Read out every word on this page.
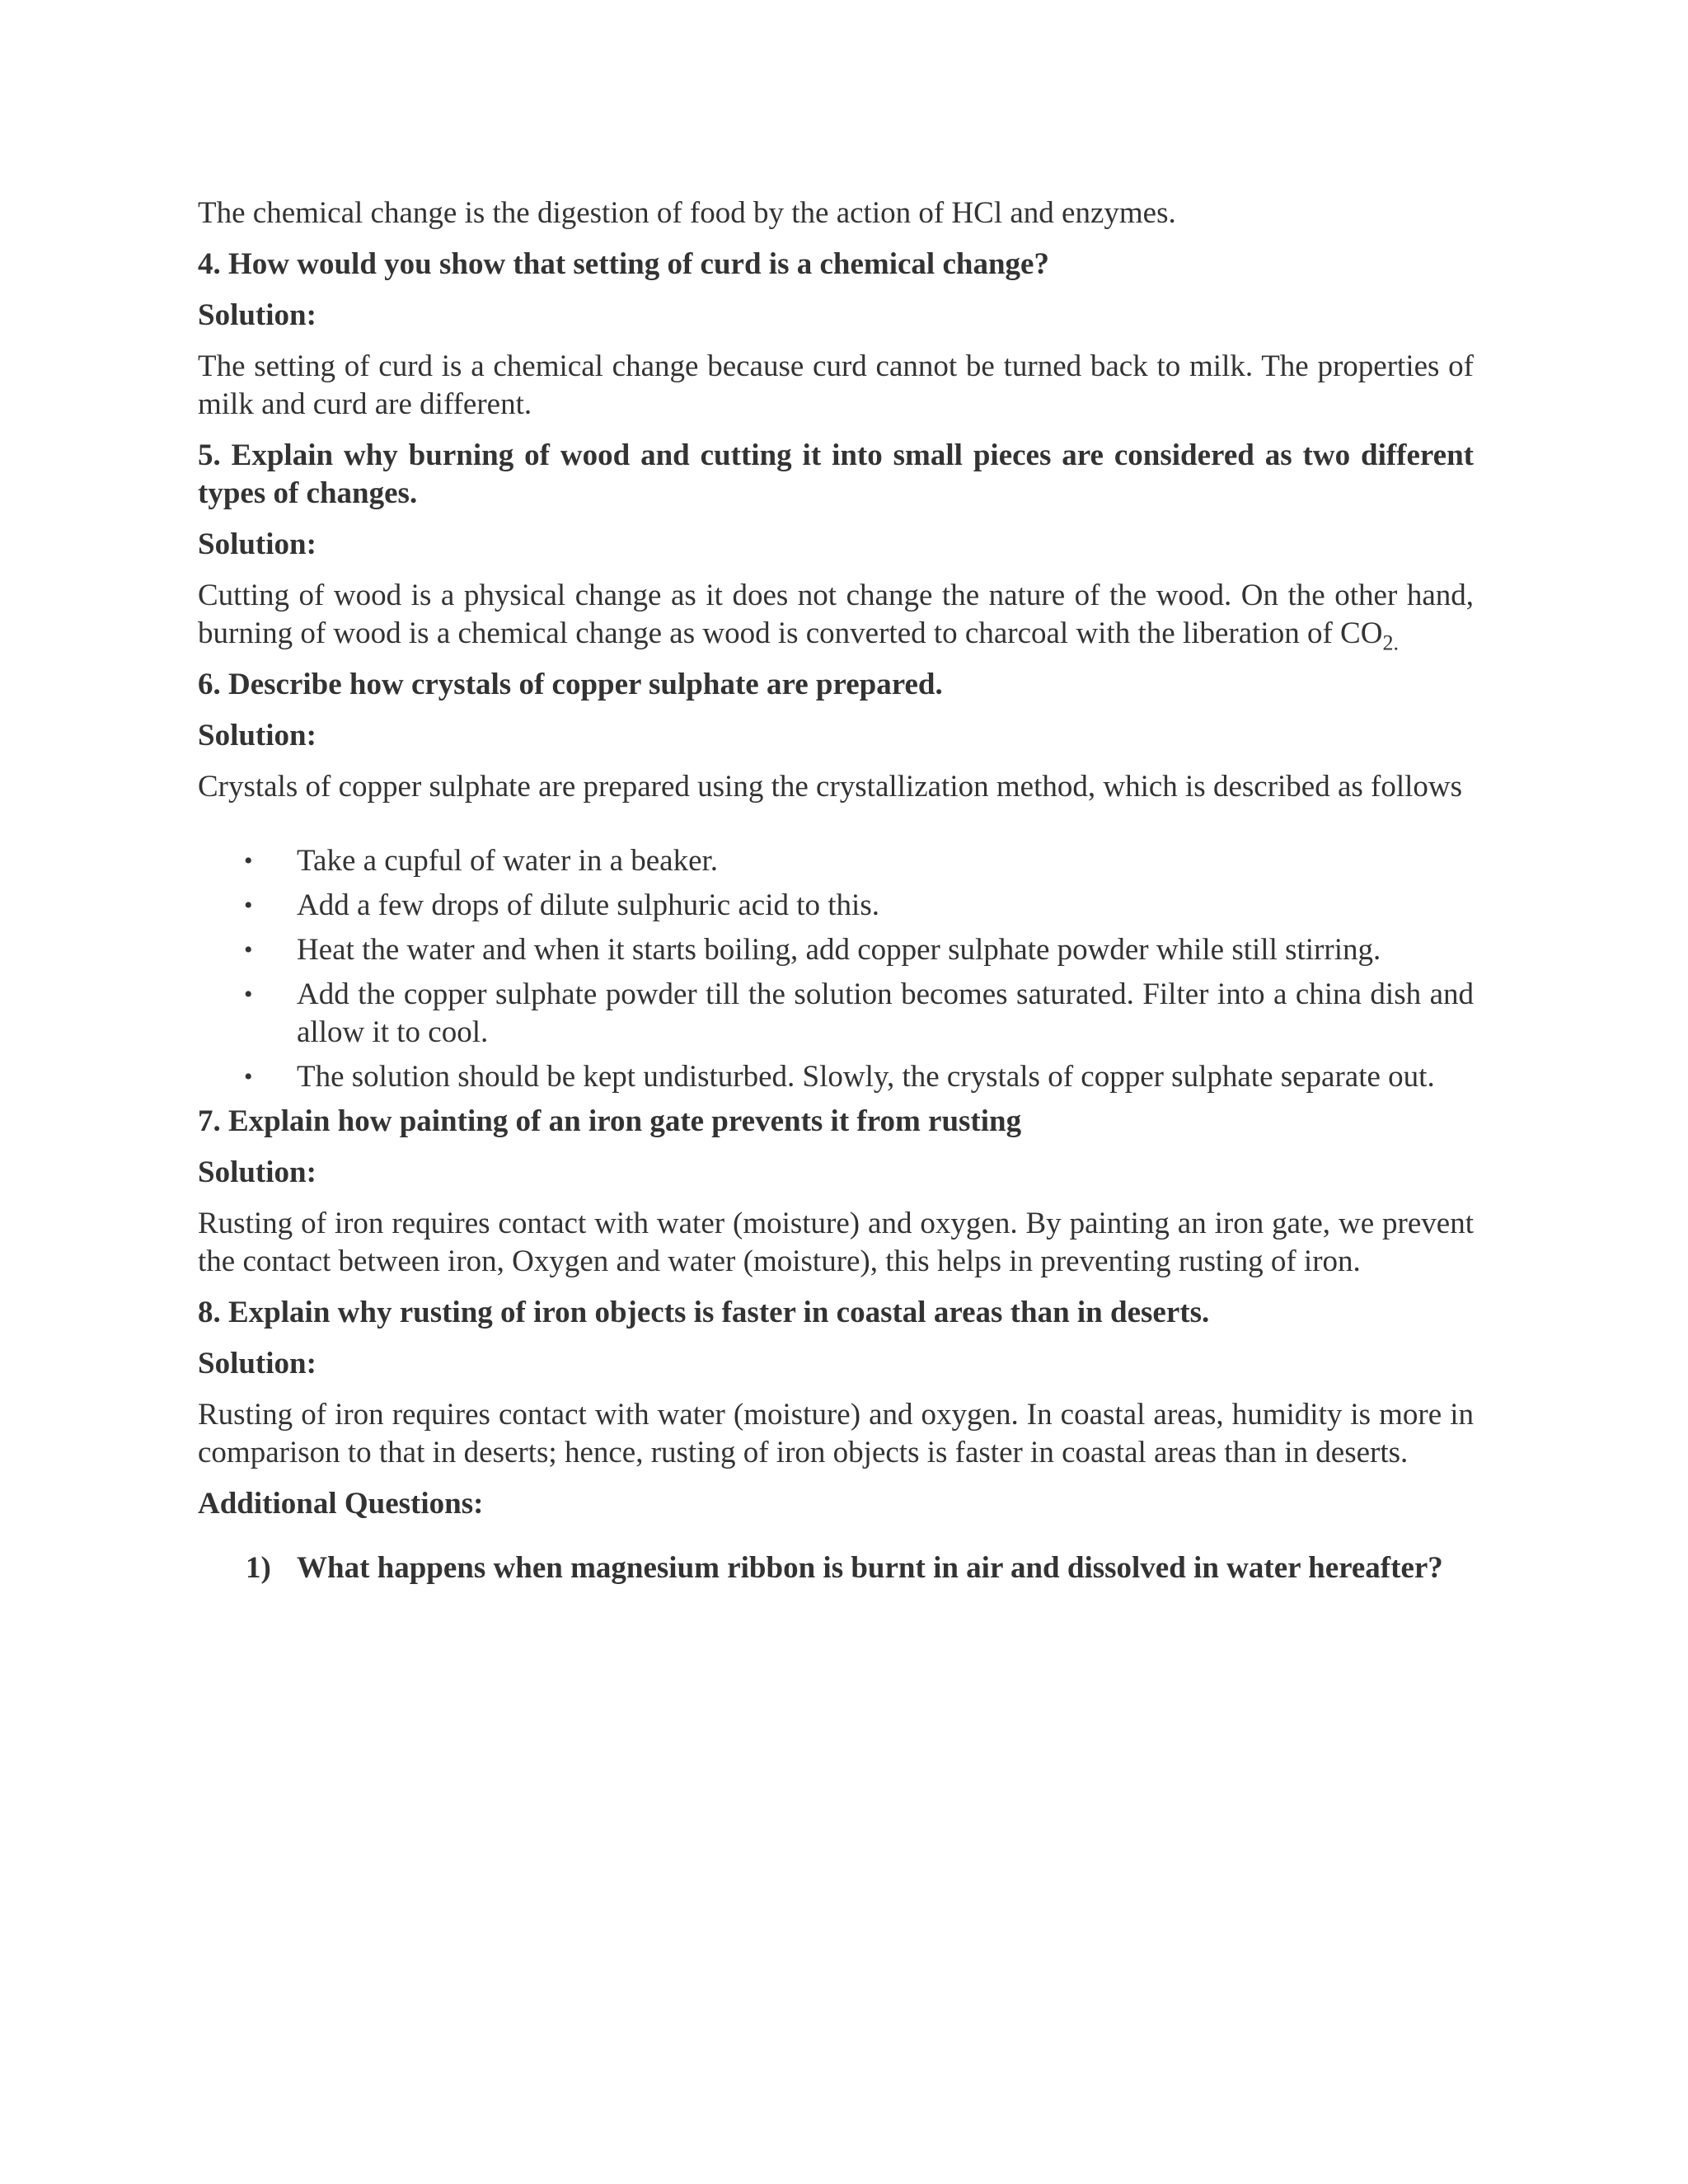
The chemical change is the digestion of food by the action of HCl and enzymes.

4. How would you show that setting of curd is a chemical change?

Solution:

The setting of curd is a chemical change because curd cannot be turned back to milk. The properties of milk and curd are different.

5. Explain why burning of wood and cutting it into small pieces are considered as two different types of changes.

Solution:

Cutting of wood is a physical change as it does not change the nature of the wood. On the other hand, burning of wood is a chemical change as wood is converted to charcoal with the liberation of $CO_{2.}$

6. Describe how crystals of copper sulphate are prepared.

Solution:

Crystals of copper sulphate are prepared using the crystallization method, which is described as follows

• Take a cupful of water in a beaker.
• Add a few drops of dilute sulphuric acid to this.
• Heat the water and when it starts boiling, add copper sulphate powder while still stirring.
• Add the copper sulphate powder till the solution becomes saturated. Filter into a china dish and allow it to cool.
• The solution should be kept undisturbed. Slowly, the crystals of copper sulphate separate out.

7. Explain how painting of an iron gate prevents it from rusting

Solution:

Rusting of iron requires contact with water (moisture) and oxygen. By painting an iron gate, we prevent the contact between iron, Oxygen and water (moisture), this helps in preventing rusting of iron.

8. Explain why rusting of iron objects is faster in coastal areas than in deserts.

Solution:

Rusting of iron requires contact with water (moisture) and oxygen. In coastal areas, humidity is more in comparison to that in deserts; hence, rusting of iron objects is faster in coastal areas than in deserts.

Additional Questions:

1) What happens when magnesium ribbon is burnt in air and dissolved in water hereafter?
